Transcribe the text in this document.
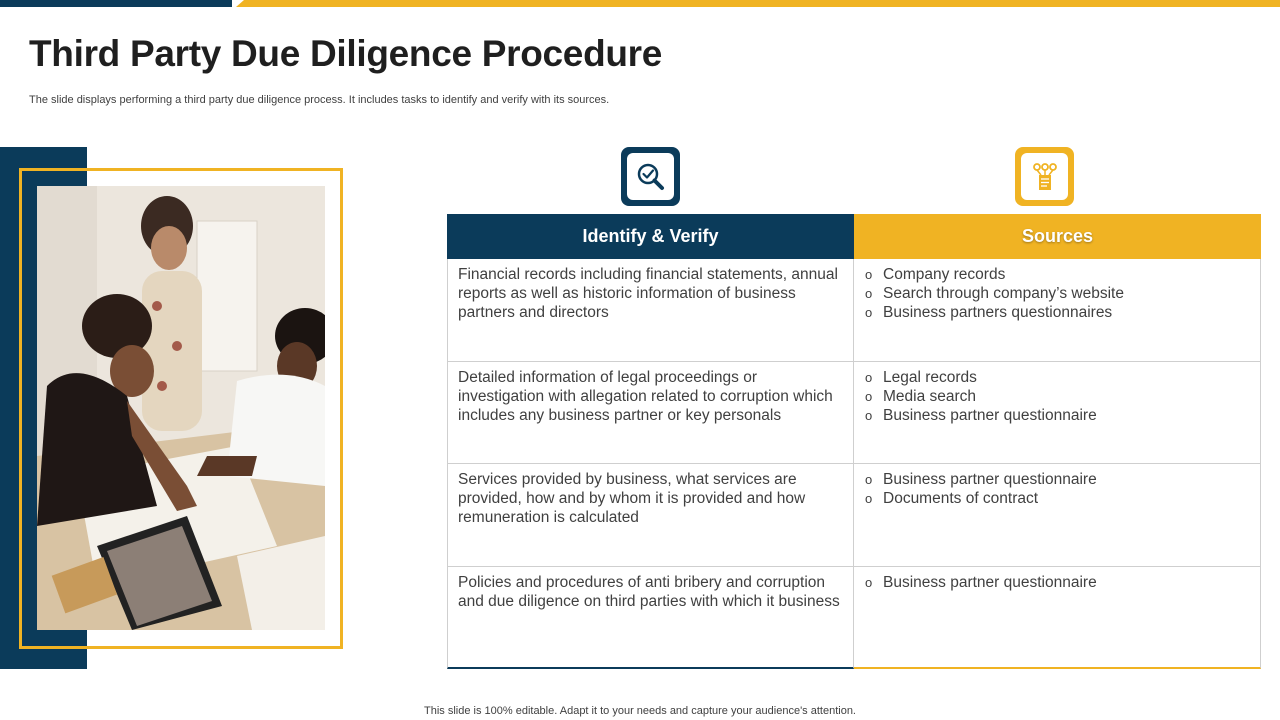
Third Party Due Diligence Procedure

The slide displays performing a third party due diligence process. It includes tasks to identify and verify with its sources.

Identify & Verify	Sources
Financial records including financial statements, annual reports as well as historic information of business partners and directors
o Company records
o Search through company’s website
o Business partners questionnaires
Detailed information of legal proceedings or investigation with allegation related to corruption which includes any business partner or key personals
o Legal records
o Media search
o Business partner questionnaire
Services provided by business, what services are provided, how and by whom it is provided and how remuneration is calculated
o Business partner questionnaire
o Documents of contract
Policies and procedures of anti bribery and corruption and due diligence on third parties with which it business
o Business partner questionnaire
This slide is 100% editable. Adapt it to your needs and capture your audience's attention.
